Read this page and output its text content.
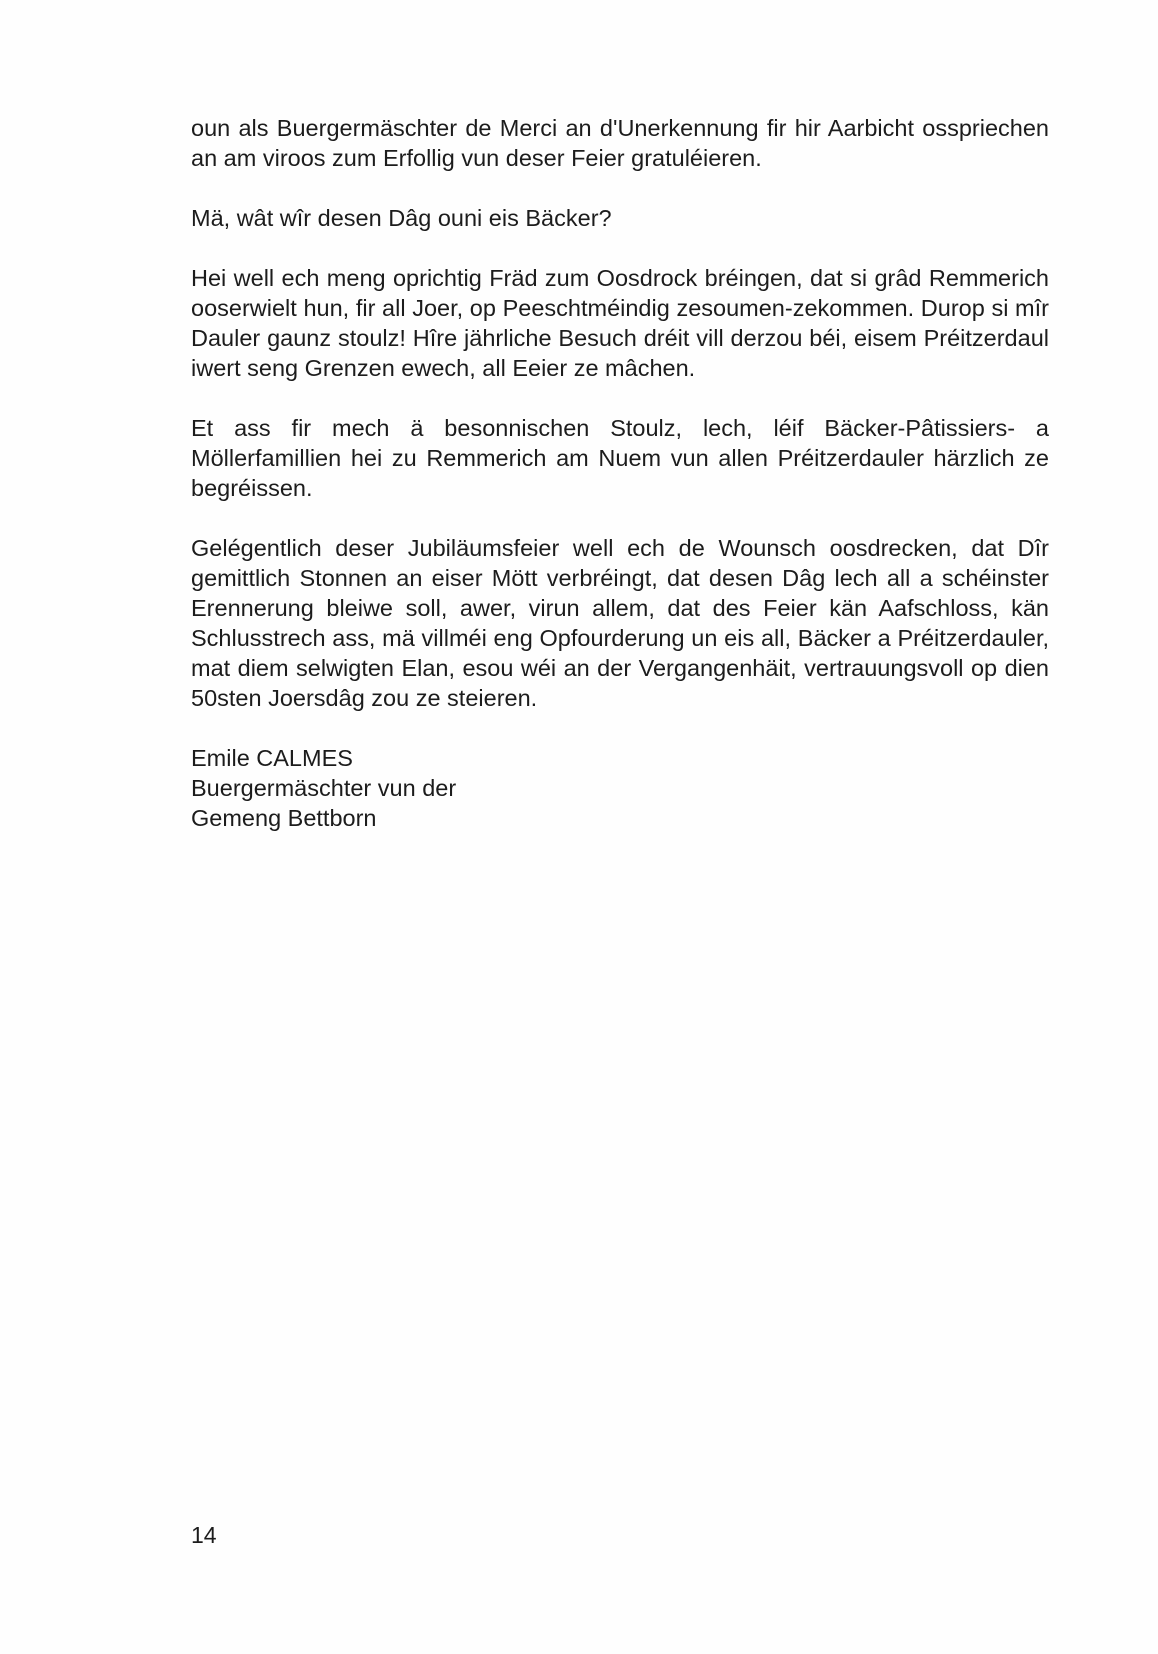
oun als Buergermäschter de Merci an d'Unerkennung fir hir Aarbicht osspriechen an am viroos zum Erfollig vun deser Feier gratuléieren.

Mä, wât wîr desen Dâg ouni eis Bäcker?

Hei well ech meng oprichtig Fräd zum Oosdrock bréingen, dat si grâd Remmerich ooserwielt hun, fir all Joer, op Peeschtméindig zesoumen-zekommen. Durop si mîr Dauler gaunz stoulz! Hîre jährliche Besuch dréit vill derzou béi, eisem Préitzerdaul iwert seng Grenzen ewech, all Eeier ze mâchen.

Et ass fir mech ä besonnischen Stoulz, lech, léif Bäcker-Pâtissiers- a Möllerfamillien hei zu Remmerich am Nuem vun allen Préitzerdauler härzlich ze begréissen.

Gelégentlich deser Jubiläumsfeier well ech de Wounsch oosdrecken, dat Dîr gemittlich Stonnen an eiser Mött verbréingt, dat desen Dâg lech all a schéinster Erennerung bleiwe soll, awer, virun allem, dat des Feier kän Aafschloss, kän Schlusstrech ass, mä villméi eng Opfourderung un eis all, Bäcker a Préitzerdauler, mat diem selwigten Elan, esou wéi an der Vergangenhäit, vertrauungsvoll op dien 50sten Joersdâg zou ze steieren.

Emile CALMES
Buergermäschter vun der
Gemeng Bettborn
14
